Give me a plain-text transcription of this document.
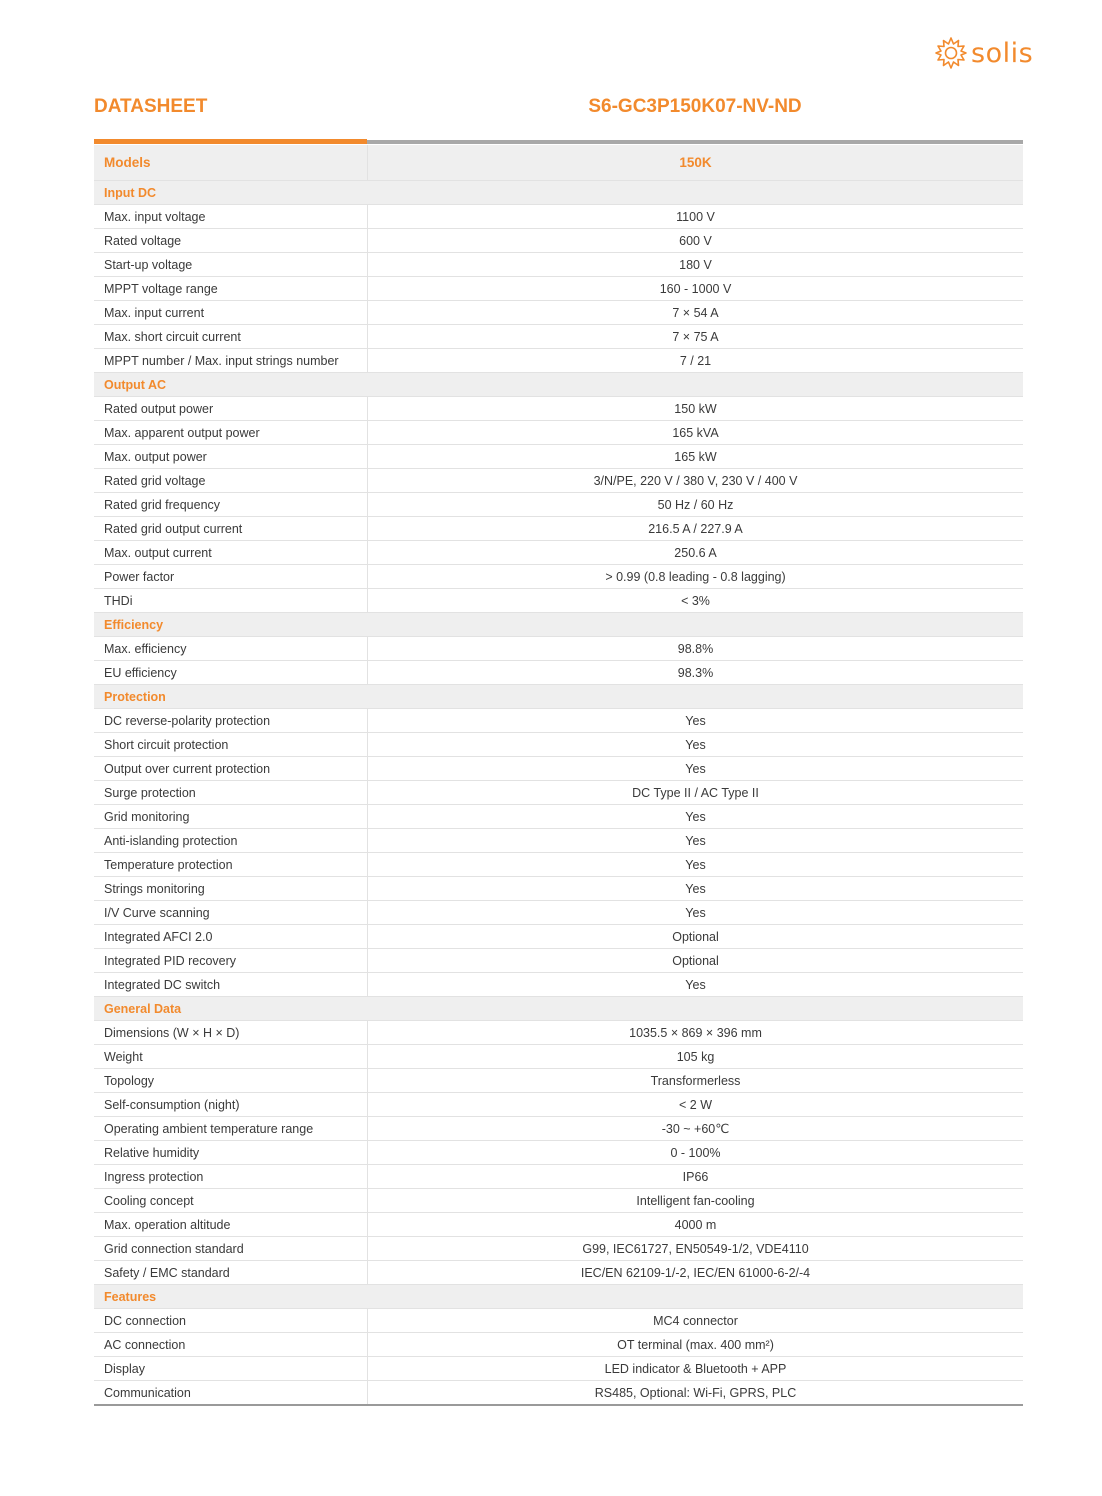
solis
DATASHEET	S6-GC3P150K07-NV-ND
Models	150K
Input DC	
Max. input voltage	1100 V
Rated voltage	600 V
Start-up voltage	180 V
MPPT voltage range	160 - 1000 V
Max. input current	7 × 54 A
Max. short circuit current	7 × 75 A
MPPT number / Max. input strings number	7 / 21
Output AC	
Rated output power	150 kW
Max. apparent output power	165 kVA
Max. output power	165 kW
Rated grid voltage	3/N/PE, 220 V / 380 V, 230 V / 400 V
Rated grid frequency	50 Hz / 60 Hz
Rated grid output current	216.5 A / 227.9 A
Max. output current	250.6 A
Power factor	> 0.99 (0.8 leading - 0.8 lagging)
THDi	< 3%
Efficiency	
Max. efficiency	98.8%
EU efficiency	98.3%
Protection	
DC reverse-polarity protection	Yes
Short circuit protection	Yes
Output over current protection	Yes
Surge protection	DC Type II / AC Type II
Grid monitoring	Yes
Anti-islanding protection	Yes
Temperature protection	Yes
Strings monitoring	Yes
I/V Curve scanning	Yes
Integrated AFCI 2.0	Optional
Integrated PID recovery	Optional
Integrated DC switch	Yes
General Data	
Dimensions (W × H × D)	1035.5 × 869 × 396 mm
Weight	105 kg
Topology	Transformerless
Self-consumption (night)	< 2 W
Operating ambient temperature range	-30 ~ +60℃
Relative humidity	0 - 100%
Ingress protection	IP66
Cooling concept	Intelligent fan-cooling
Max. operation altitude	4000 m
Grid connection standard	G99, IEC61727, EN50549-1/2, VDE4110
Safety / EMC standard	IEC/EN 62109-1/-2, IEC/EN 61000-6-2/-4
Features	
DC connection	MC4 connector
AC connection	OT terminal (max. 400 mm²)
Display	LED indicator & Bluetooth + APP
Communication	RS485, Optional: Wi-Fi, GPRS, PLC
